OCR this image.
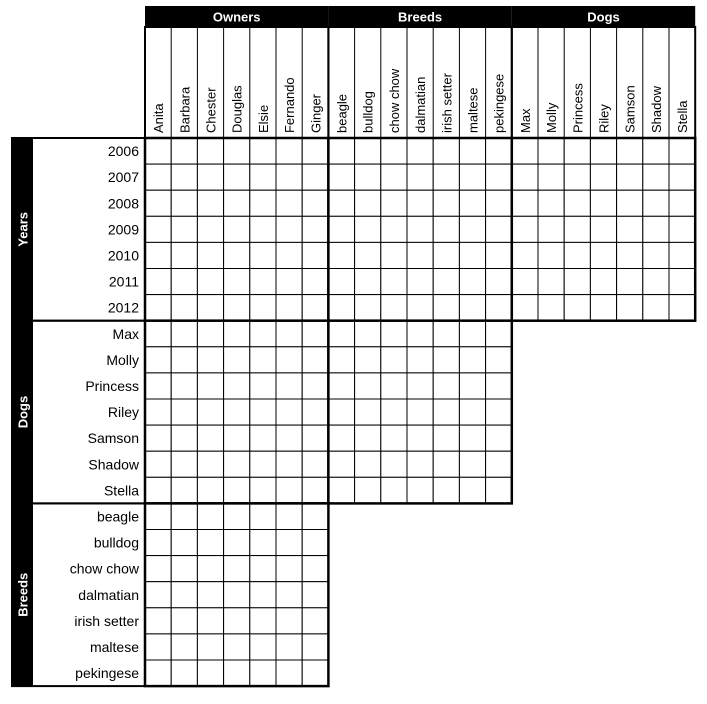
Owners	Breeds	Dogs
Anita Barbara Chester Douglas Elsie Fernando Ginger beagle bulldog chow chow dalmatian irish setter maltese pekingese Max Molly Princess Riley Samson Shadow Stella
Years
2006
2007
2008
2009
2010
2011
2012
Dogs
Max
Molly
Princess
Riley
Samson
Shadow
Stella
Breeds
beagle
bulldog
chow chow
dalmatian
irish setter
maltese
pekingese
